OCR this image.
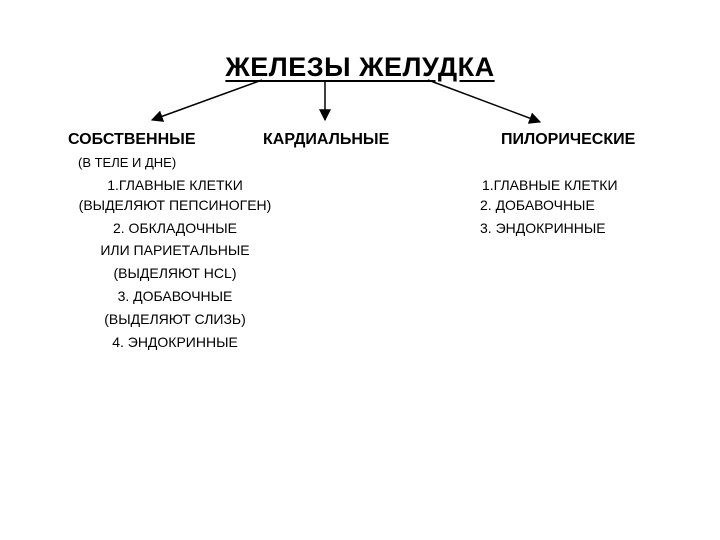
ЖЕЛЕЗЫ ЖЕЛУДКА
СОБСТВЕННЫЕ	КАРДИАЛЬНЫЕ	ПИЛОРИЧЕСКИЕ
(В ТЕЛЕ И ДНЕ)
1.ГЛАВНЫЕ КЛЕТКИ
(ВЫДЕЛЯЮТ ПЕПСИНОГЕН)
2. ОБКЛАДОЧНЫЕ
ИЛИ ПАРИЕТАЛЬНЫЕ
(ВЫДЕЛЯЮТ HCL)
3. ДОБАВОЧНЫЕ
(ВЫДЕЛЯЮТ СЛИЗЬ)
4. ЭНДОКРИННЫЕ
1.ГЛАВНЫЕ КЛЕТКИ
2. ДОБАВОЧНЫЕ
3. ЭНДОКРИННЫЕ
